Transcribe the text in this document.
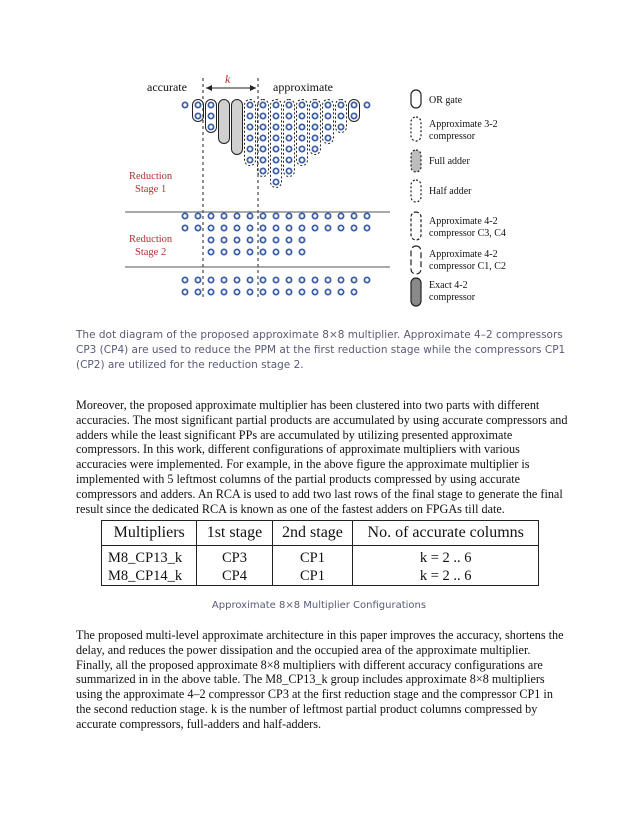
accurate
k
approximate
Reduction
Stage 1
Reduction
Stage 2
OR gate
Approximate 3-2
compressor
Full adder
Half adder
Approximate 4-2
compressor C3, C4
Approximate 4-2
compressor C1, C2
Exact 4-2
compressor

The dot diagram of the proposed approximate 8×8 multiplier. Approximate 4–2 compressors CP3 (CP4) are used to reduce the PPM at the first reduction stage while the compressors CP1 (CP2) are utilized for the reduction stage 2.

Moreover, the proposed approximate multiplier has been clustered into two parts with different accuracies. The most significant partial products are accumulated by using accurate compressors and adders while the least significant PPs are accumulated by utilizing presented approximate compressors. In this work, different configurations of approximate multipliers with various accuracies were implemented. For example, in the above figure the approximate multiplier is implemented with 5 leftmost columns of the partial products compressed by using accurate compressors and adders. An RCA is used to add two last rows of the final stage to generate the final result since the dedicated RCA is known as one of the fastest adders on FPGAs till date.

Multipliers	1st stage	2nd stage	No. of accurate columns
M8_CP13_k	CP3	CP1	k = 2 .. 6
M8_CP14_k	CP4	CP1	k = 2 .. 6

Approximate 8×8 Multiplier Configurations

The proposed multi-level approximate architecture in this paper improves the accuracy, shortens the delay, and reduces the power dissipation and the occupied area of the approximate multiplier. Finally, all the proposed approximate 8×8 multipliers with different accuracy configurations are summarized in in the above table. The M8_CP13_k group includes approximate 8×8 multipliers using the approximate 4–2 compressor CP3 at the first reduction stage and the compressor CP1 in the second reduction stage. k is the number of leftmost partial product columns compressed by accurate compressors, full-adders and half-adders.
